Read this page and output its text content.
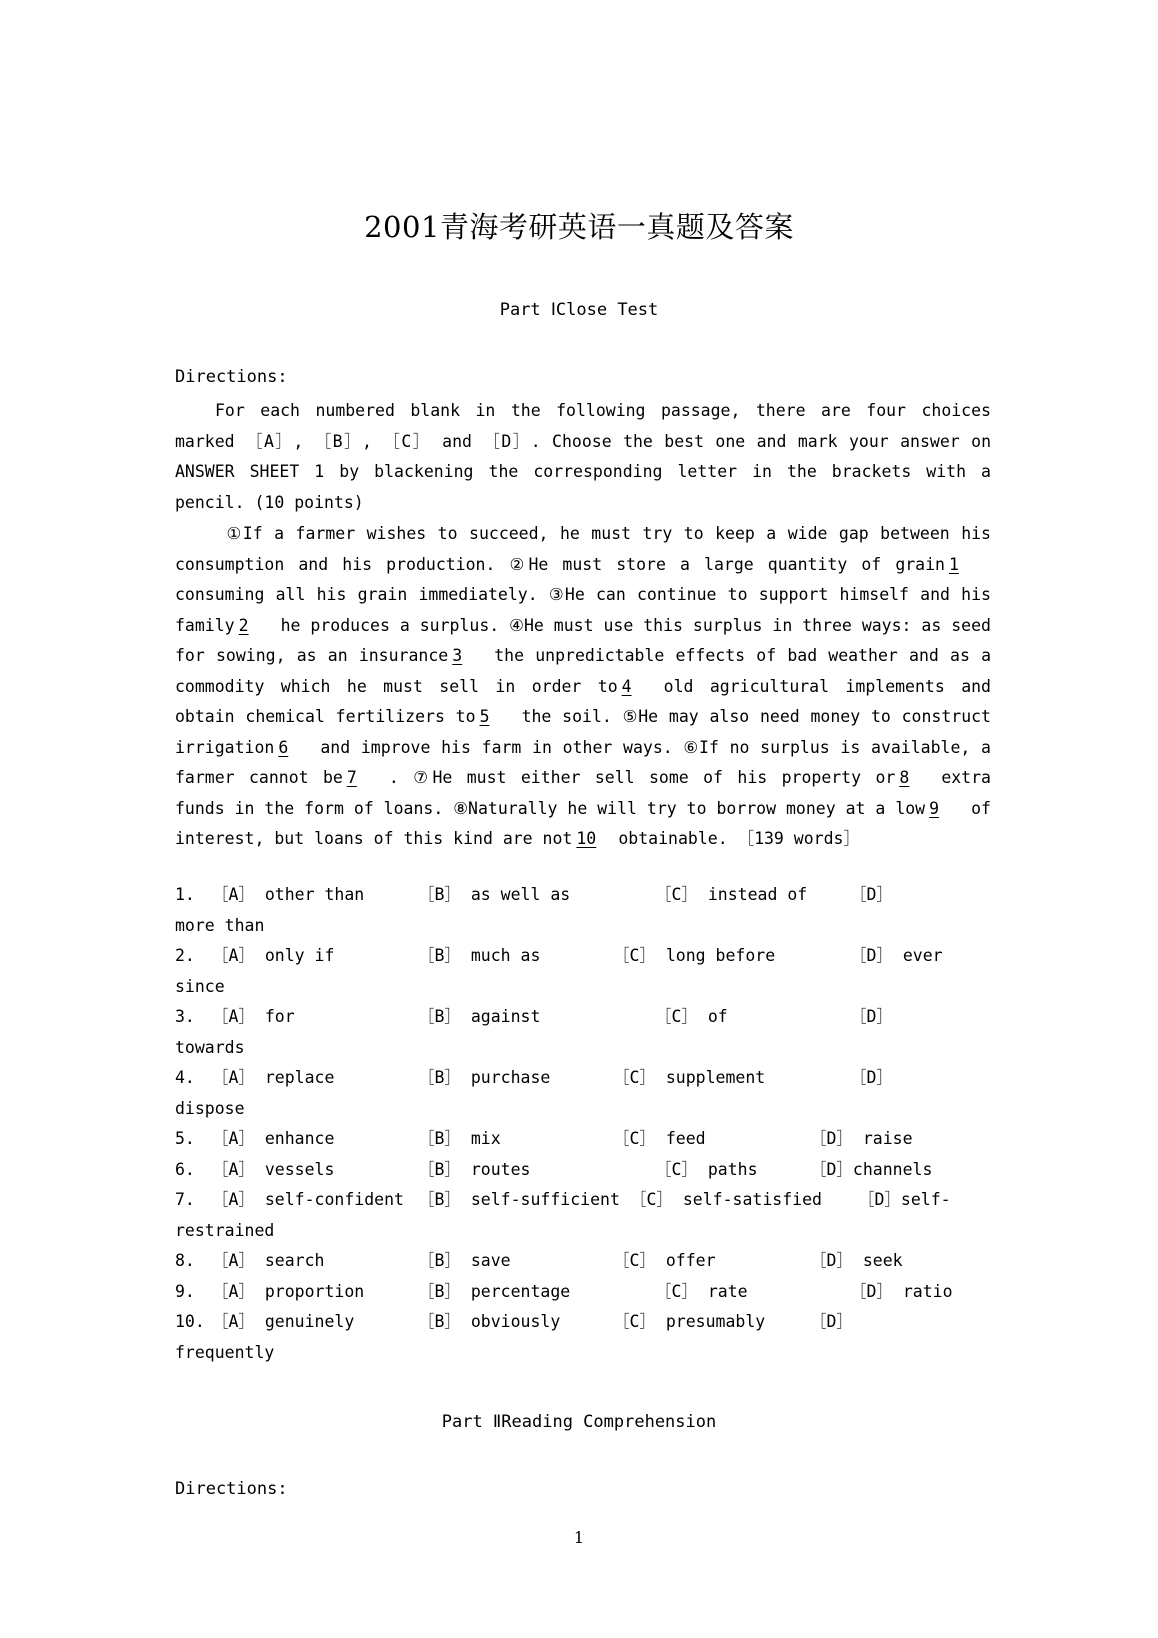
2001青海考研英语一真题及答案
Part ⅠClose Test
Directions:
For each numbered blank in the following passage, there are four choices marked ［A］, ［B］, ［C］ and ［D］. Choose the best one and mark your answer on ANSWER SHEET 1 by blackening the corresponding letter in the brackets with a pencil. (10 points)
①If a farmer wishes to succeed, he must try to keep a wide gap between his consumption and his production. ②He must store a large quantity of grain 1consuming all his grain immediately. ③He can continue to support himself and his family 2 he produces a surplus. ④He must use this surplus in three ways: as seed for sowing, as an insurance 3 the unpredictable effects of bad weather and as a commodity which he must sell in order to 4 old agricultural implements and obtain chemical fertilizers to 5 the soil. ⑤He may also need money to construct irrigation 6 and improve his farm in other ways. ⑥If no surplus is available, a farmer cannot be 7 . ⑦He must either sell some of his property or 8 extra funds in the form of loans. ⑧Naturally he will try to borrow money at a low 9 of interest, but loans of this kind are not 10 obtainable. ［139 words］
1. ［A］ other than	［B］ as well as	［C］ instead of	［D］
more than
2. ［A］ only if	［B］ much as	［C］ long before	［D］ ever
since
3. ［A］ for	［B］ against	［C］ of	［D］
towards
4. ［A］ replace	［B］ purchase	［C］ supplement	［D］
dispose
5. ［A］ enhance	［B］ mix	［C］ feed	［D］ raise
6. ［A］ vessels	［B］ routes	［C］ paths	［D］channels
7. ［A］ self-confident ［B］ self-sufficient ［C］ self-satisfied ［D］self-
restrained
8. ［A］ search	［B］ save	［C］ offer	［D］ seek
9. ［A］ proportion	［B］ percentage	［C］ rate	［D］ ratio
10. ［A］ genuinely	［B］ obviously	［C］ presumably	［D］
frequently
Part ⅡReading Comprehension
Directions:
1
